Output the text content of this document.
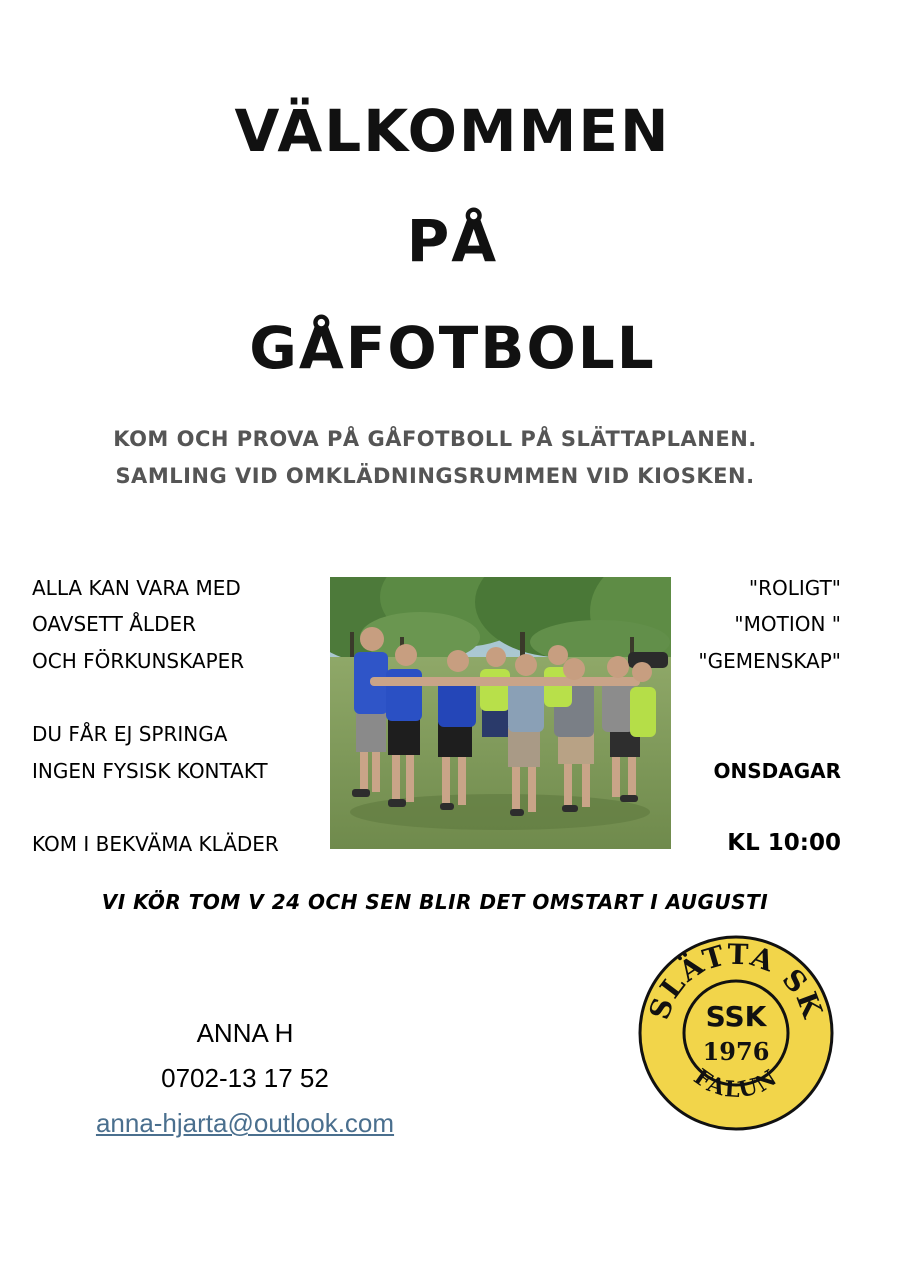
VÄLKOMMEN
PÅ
GÅFOTBOLL
KOM OCH PROVA PÅ GÅFOTBOLL PÅ SLÄTTAPLANEN.
SAMLING VID OMKLÄDNINGSRUMMEN VID KIOSKEN.
ALLA KAN VARA MED
OAVSETT ÅLDER
OCH FÖRKUNSKAPER
DU FÅR EJ SPRINGA
INGEN FYSISK KONTAKT
KOM I BEKVÄMA KLÄDER
"ROLIGT"
"MOTION "
"GEMENSKAP"
ONSDAGAR
KL 10:00
VI KÖR TOM V 24 OCH SEN BLIR DET OMSTART I AUGUSTI
ANNA H
0702-13 17 52
anna-hjarta@outlook.com
SLÄTTA SK
FALUN
SSK
1976
